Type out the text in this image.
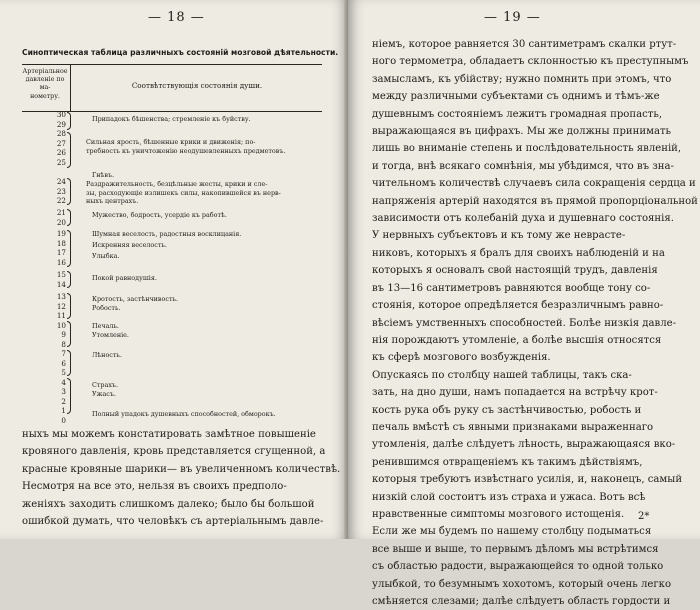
— 18 —
Синоптическая таблица различныхъ состояній мозговой дѣятельности.
Артеріальное
давленіе по ма-
нометру.
Соотвѣтствующія состоянія души.
30
29
28
27
26
25
24
23
22
21
20
19
18
17
16
15
14
13
12
11
10
9
8
7
6
5
4
3
2
1
0
Припадокъ бѣшенства; стремленіе къ буйству.
Сильная ярость, бѣшенные крики и движенія; по-
требность къ уничтоженію неодушевленныхъ предметовъ.
Гнѣвъ.
Раздражительность, безцѣльные жесты, крики и сле-
зы, расходующіе излишекъ силы, накопившейся въ нерв-
ныхъ центрахъ.
Мужество, бодрость, усердіе къ работѣ.
Шумная веселость, радостныя восклицанія.
Искренняя веселость.
Улыбка.
Покой равнодушія.
Кротость, застѣнчивость.
Робость.
Печаль.
Утомленіе.
Лѣность.
Страхъ.
Ужасъ.
Полный упадокъ душевныхъ способностей, обморокъ.

ныхъ мы можемъ констатировать замѣтное повышеніе

кровяного давленія, кровь представляется сгущенной, а

красные кровяные шарики— въ увеличенномъ количествѣ.

Несмотря на все это, нельзя въ своихъ предполо-

женіяхъ заходить слишкомъ далеко; было бы большой

ошибкой думать, что человѣкъ съ артеріальнымъ давле-

— 19 —

ніемъ, которое равняется 30 сантиметрамъ скалки ртут-

ного термометра, обладаетъ склонностью къ преступнымъ

замысламъ, къ убійству; нужно помнить при этомъ, что

между различными субъектами съ однимъ и тѣмъ-же

душевнымъ состояніемъ лежитъ громадная пропасть,

выражающаяся въ цифрахъ. Мы же должны принимать

лишь во вниманіе степень и послѣдовательность явленій,

и тогда, внѣ всякаго сомнѣнія, мы убѣдимся, что въ зна-

чительномъ количествѣ случаевъ сила сокращенія сердца и

напряженія артерій находятся въ прямой пропорціональной

зависимости отъ колебаній духа и душевнаго состоянія.

У нервныхъ субъектовъ и къ тому же невраcте-

никовъ, которыхъ я бралъ для своихъ наблюденій и на

которыхъ я основалъ свой настоящій трудъ, давленія

въ 13—16 сантиметровъ равняются вообще тону со-

стоянія, которое опредѣляется безразличнымъ равно-

вѣсіемъ умственныхъ способностей. Болѣе низкія давле-

нія порождаютъ утомленіе, а болѣе высшія относятся

къ сферѣ мозгового возбужденія.

Опускаясь по столбцу нашей таблицы, такъ ска-

зать, на дно души, намъ попадается на встрѣчу крот-

кость рука объ руку съ застѣнчивостью, робость и

печаль вмѣстѣ съ явными признаками выраженнаго

утомленія, далѣе слѣдуетъ лѣность, выражающаяся вко-

ренившимся отвращеніемъ къ такимъ дѣйствіямъ,

которыя требуютъ извѣстнаго усилія, и, наконецъ, самый

низкій слой состоитъ изъ страха и ужаса. Вотъ всѣ

нравственные симптомы мозгового истощенія.

Если же мы будемъ по нашему столбцу подыматься

все выше и выше, то первымъ дѣломъ мы встрѣтимся

съ областью радости, выражающейся то одной только

улыбкой, то безумнымъ хохотомъ, который очень легко

смѣняется слезами; далѣе слѣдуетъ область гордости и

2*
